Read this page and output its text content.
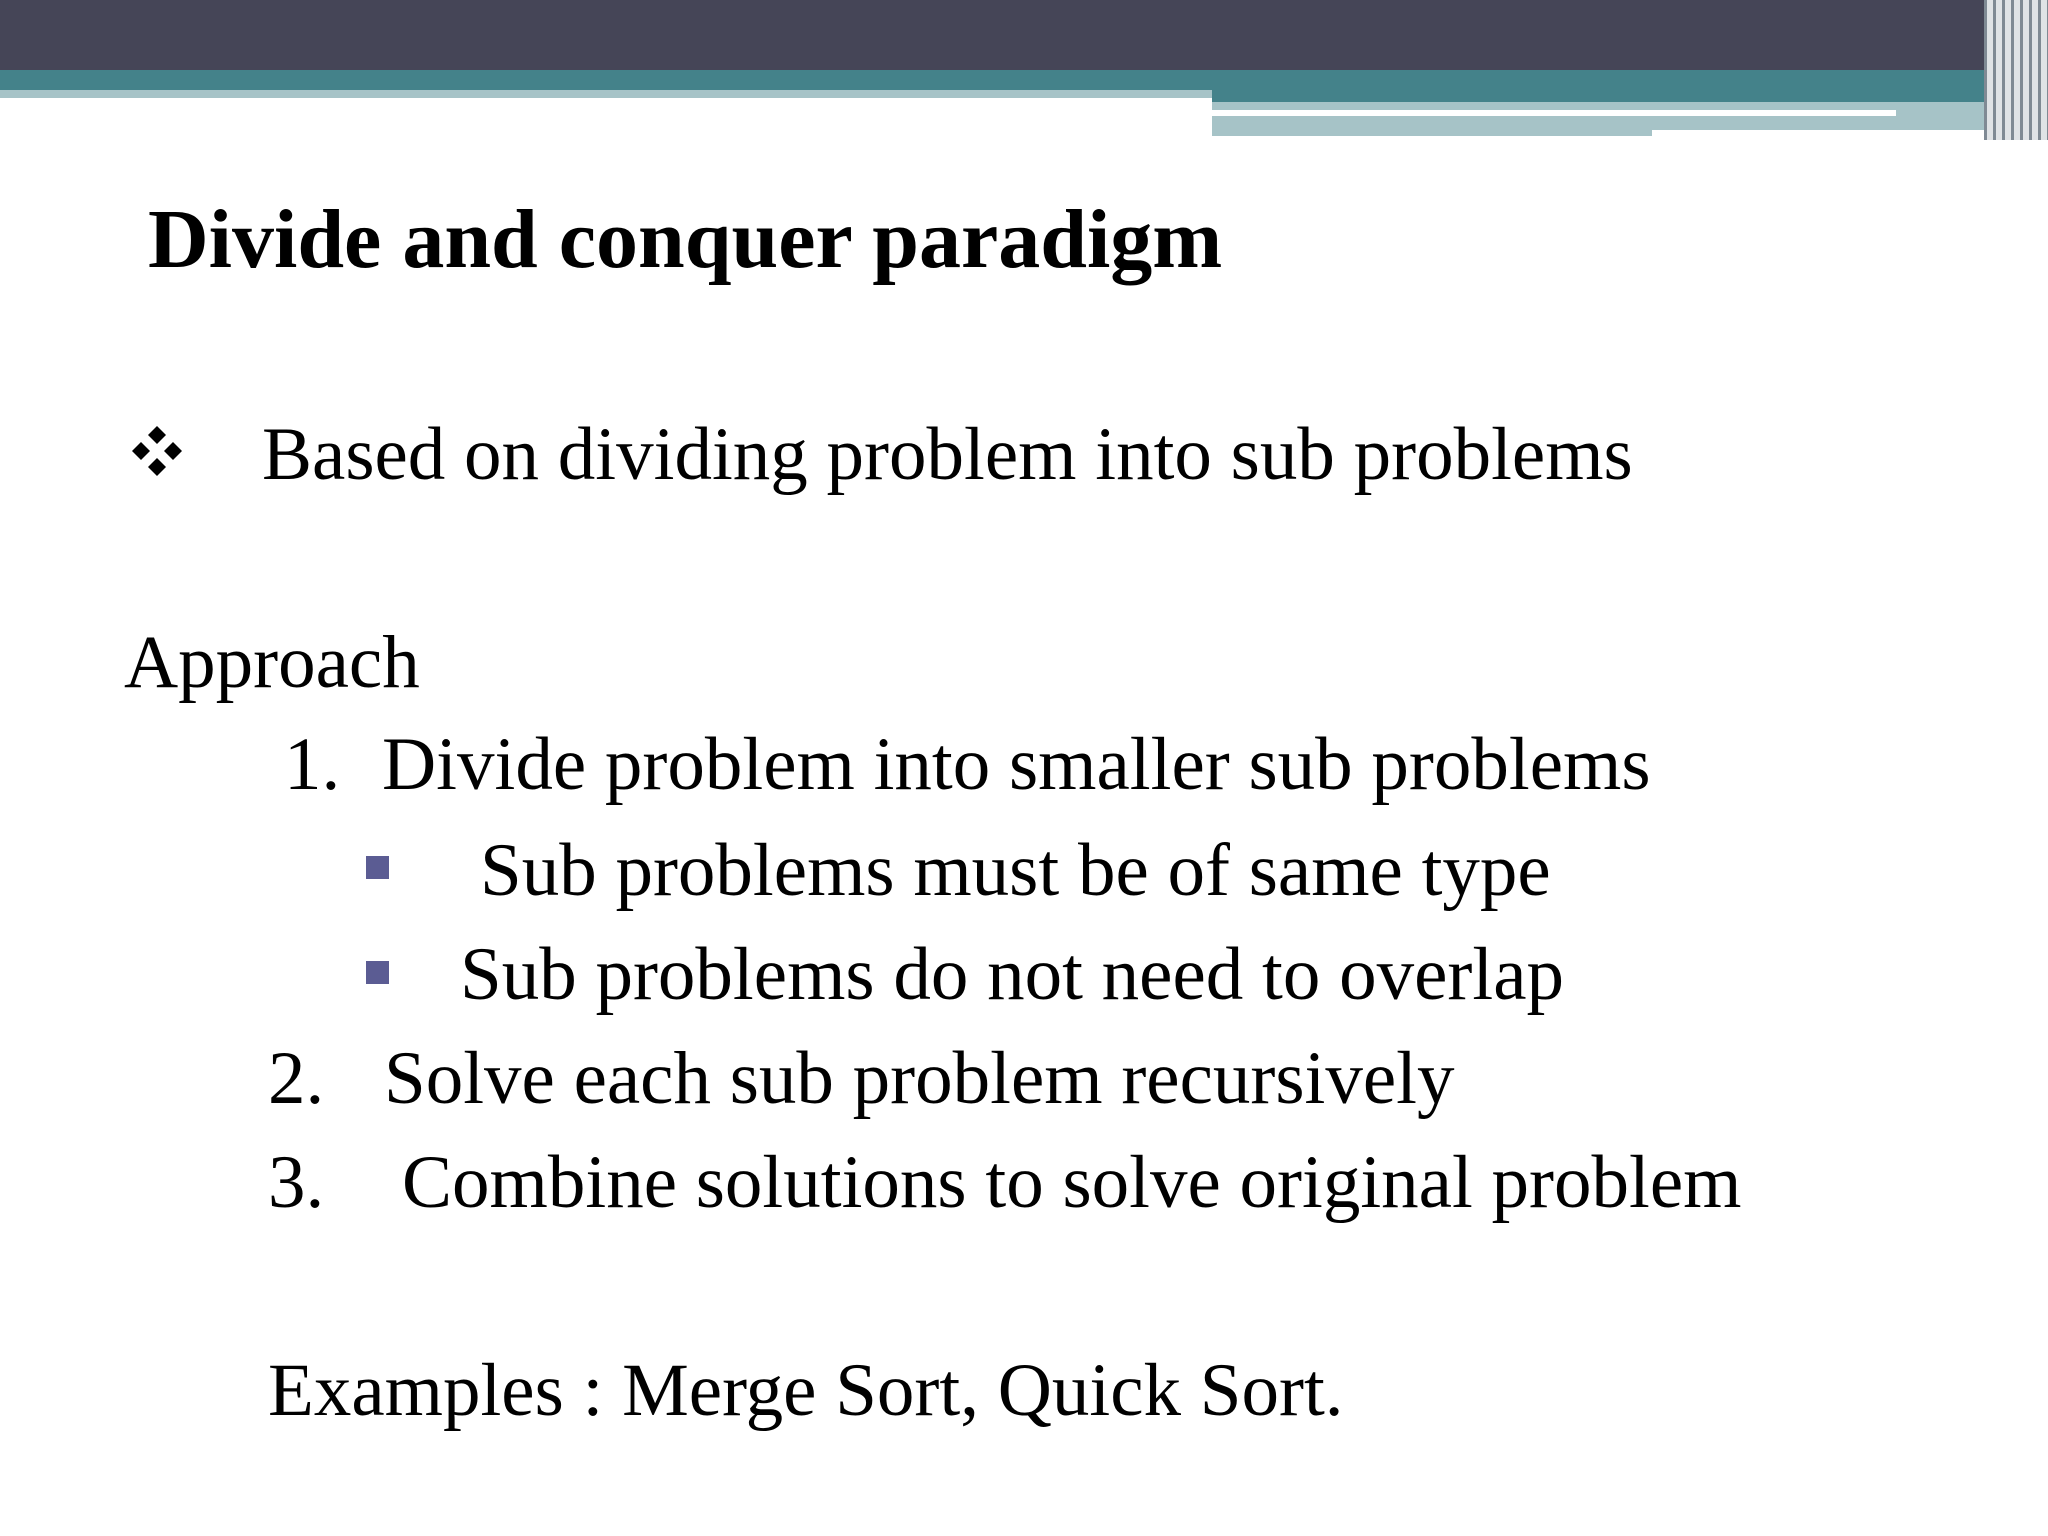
Divide and conquer paradigm
Based on dividing problem into sub problems
Approach
1. Divide problem into smaller sub problems
Sub problems must be of same type
Sub problems do not need to overlap
2. Solve each sub problem recursively
3. Combine solutions to solve original problem
Examples : Merge Sort, Quick Sort.
